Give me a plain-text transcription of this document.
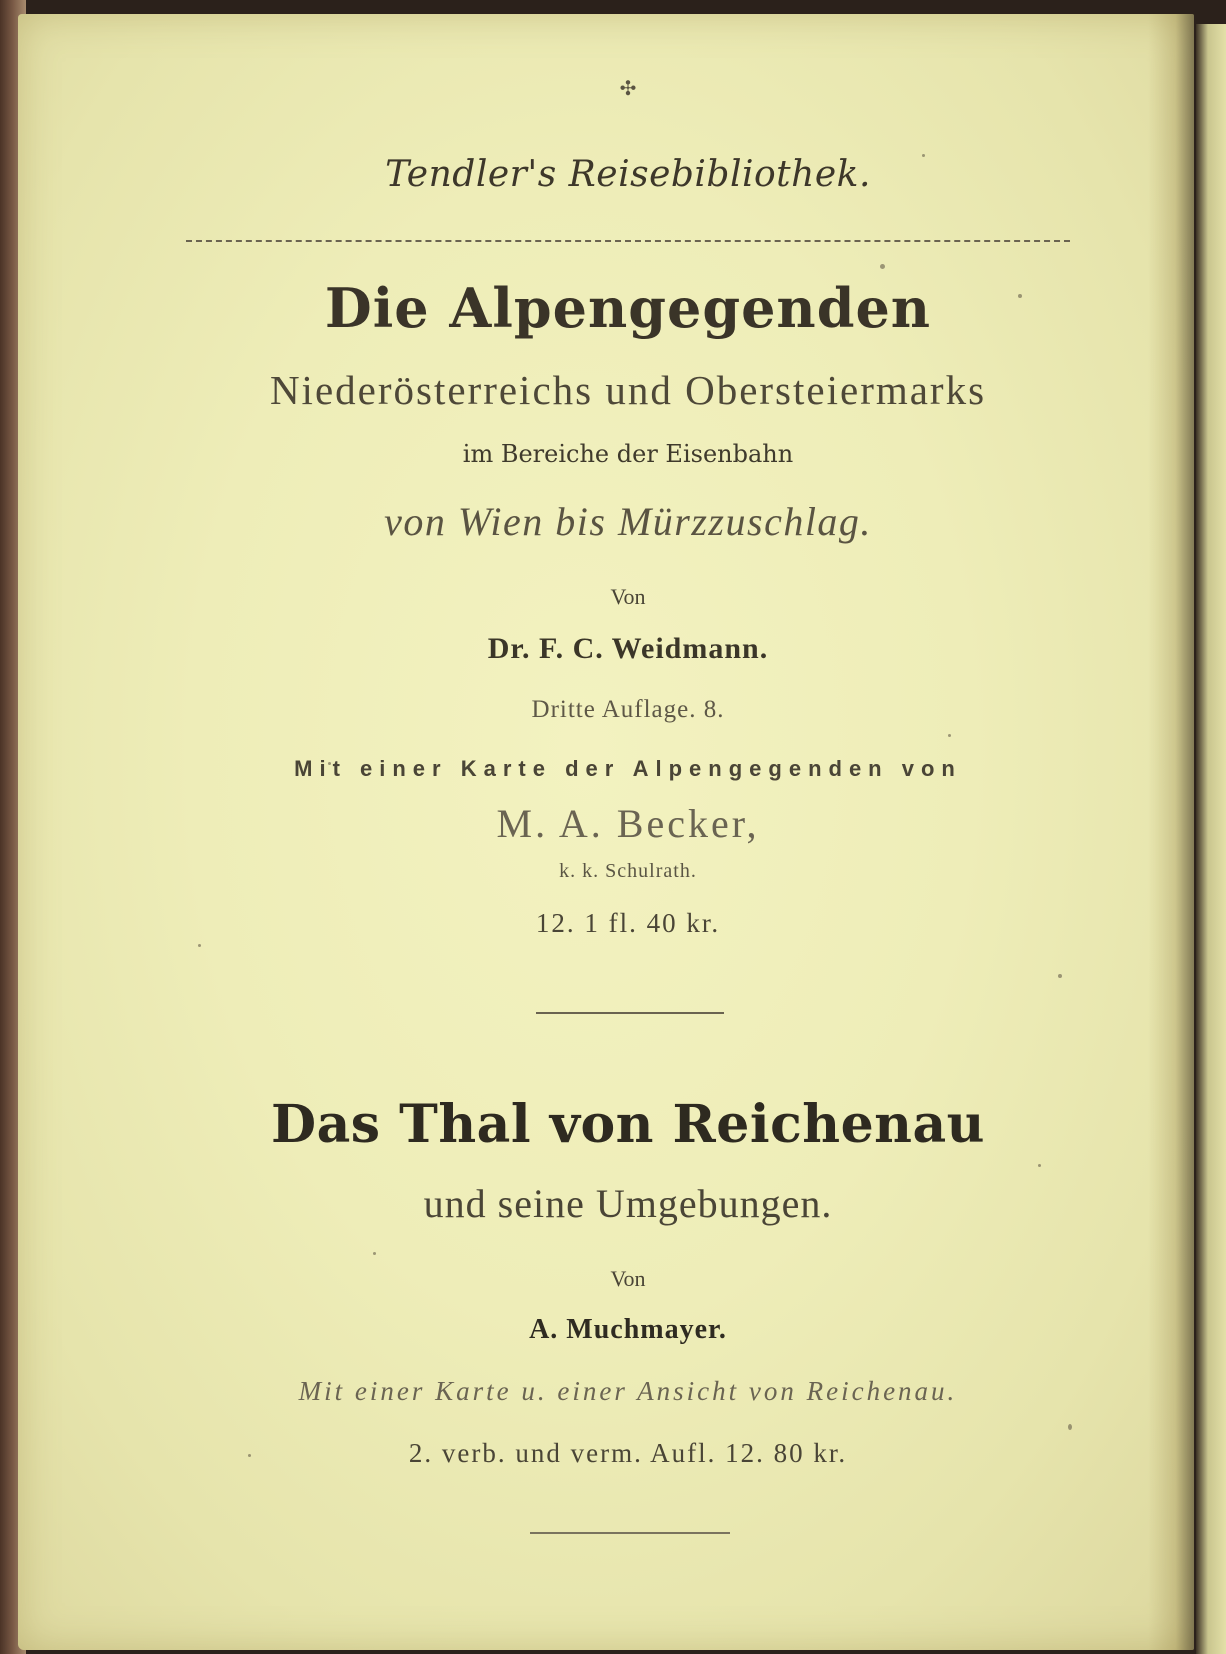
✣
Tendler's Reisebibliothek.
Die Alpengegenden
Niederösterreichs und Obersteiermarks
im Bereiche der Eisenbahn
von Wien bis Mürzzuschlag.
Von
Dr. F. C. Weidmann.
Dritte Auflage. 8.
Mit einer Karte der Alpengegenden von
M. A. Becker,
k. k. Schulrath.
12. 1 fl. 40 kr.
Das Thal von Reichenau
und seine Umgebungen.
Von
A. Muchmayer.
Mit einer Karte u. einer Ansicht von Reichenau.
2. verb. und verm. Aufl. 12. 80 kr.
